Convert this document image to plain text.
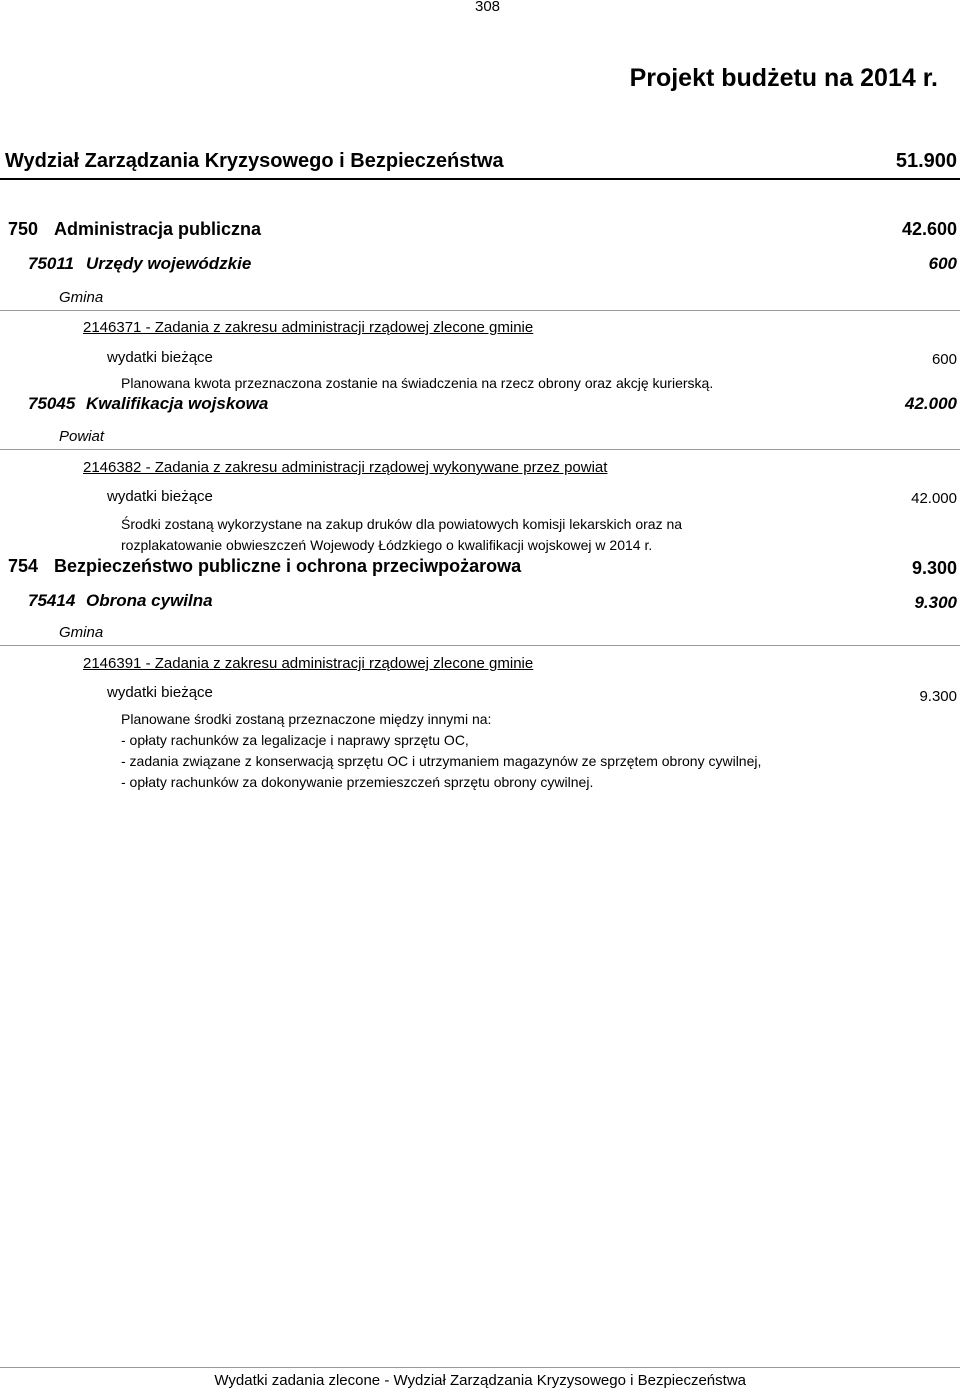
308
Projekt budżetu na 2014 r.
Wydział Zarządzania Kryzysowego i Bezpieczeństwa	51.900
750 Administracja publiczna	42.600
75011 Urzędy wojewódzkie	600
Gmina
2146371 - Zadania z zakresu administracji rządowej zlecone gminie
wydatki bieżące	600
Planowana kwota przeznaczona zostanie na świadczenia na rzecz obrony oraz akcję kurierską.
75045 Kwalifikacja wojskowa	42.000
Powiat
2146382 - Zadania z zakresu administracji rządowej wykonywane przez powiat
wydatki bieżące	42.000
Środki zostaną wykorzystane na zakup druków dla powiatowych komisji lekarskich oraz na
rozplakatowanie obwieszczeń Wojewody Łódzkiego o kwalifikacji wojskowej w 2014 r.
754 Bezpieczeństwo publiczne i ochrona przeciwpożarowa	9.300
75414 Obrona cywilna	9.300
Gmina
2146391 - Zadania z zakresu administracji rządowej zlecone gminie
wydatki bieżące	9.300
Planowane środki zostaną przeznaczone między innymi na:
- opłaty rachunków za legalizacje i naprawy sprzętu OC,
- zadania związane z konserwacją sprzętu OC i utrzymaniem magazynów ze sprzętem obrony cywilnej,
- opłaty rachunków za dokonywanie przemieszczeń sprzętu obrony cywilnej.
Wydatki zadania zlecone - Wydział Zarządzania Kryzysowego i Bezpieczeństwa
